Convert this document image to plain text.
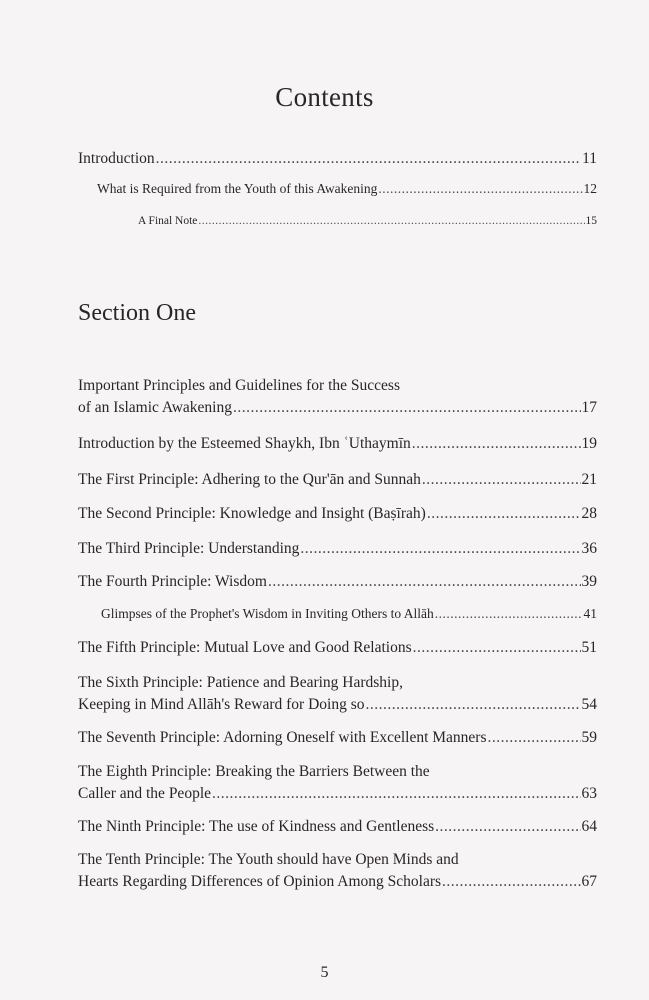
Contents
Introduction .....	11
What is Required from the Youth of this Awakening .....	12
A Final Note .....	15
Section One
Important Principles and Guidelines for the Success
of an Islamic Awakening .....	17
Introduction by the Esteemed Shaykh, Ibn ʿUthaymīn .....	19
The First Principle: Adhering to the Qur'ān and Sunnah .....	21
The Second Principle: Knowledge and Insight (Baṣīrah) .....	28
The Third Principle: Understanding .....	36
The Fourth Principle: Wisdom .....	39
Glimpses of the Prophet's Wisdom in Inviting Others to Allāh .....	41
The Fifth Principle: Mutual Love and Good Relations .....	51
The Sixth Principle: Patience and Bearing Hardship,
Keeping in Mind Allāh's Reward for Doing so .....	54
The Seventh Principle: Adorning Oneself with Excellent Manners .....	59
The Eighth Principle: Breaking the Barriers Between the
Caller and the People .....	63
The Ninth Principle: The use of Kindness and Gentleness .....	64
The Tenth Principle: The Youth should have Open Minds and
Hearts Regarding Differences of Opinion Among Scholars .....	67
5
